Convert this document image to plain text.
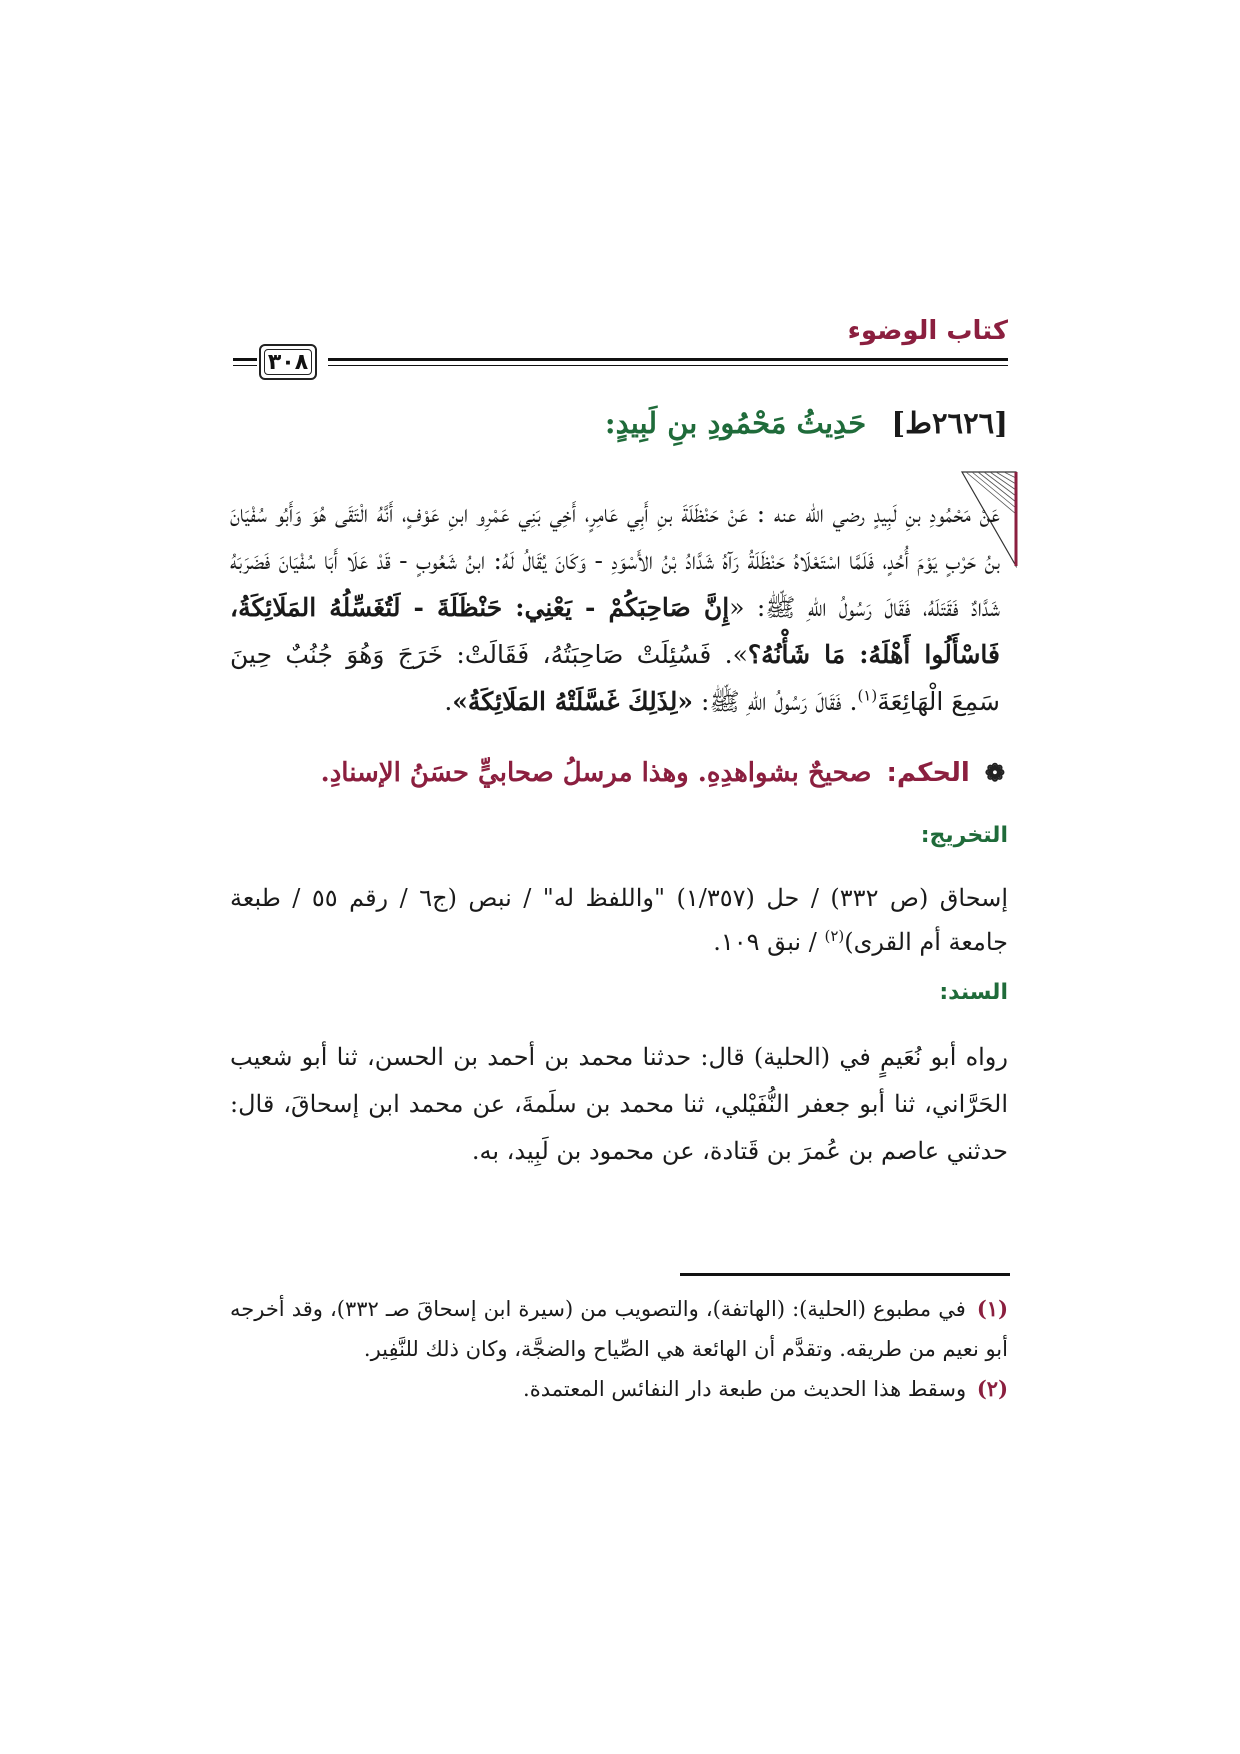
كتاب الوضوء
٣٠٨
[٢٦٢٦ط] حَدِيثُ مَحْمُودِ بنِ لَبِيدٍ:

عَنْ مَحْمُودِ بنِ لَبِيدٍ رضي الله عنه : عَنْ حَنْظَلَةَ بنِ أَبِي عَامِرٍ، أَخِي بَنِي عَمْرِو ابنِ عَوْفٍ، أَنَّهُ الْتَقَى هُوَ وَأَبُو سُفْيَانَ بنُ حَرْبٍ يَوْمَ أُحُدٍ، فَلَمَّا اسْتَعْلَاهُ حَنْظَلَةُ رَآهُ شَدَّادُ بْنُ الأَسْوَدِ - وَكَانَ يُقَالُ لَهُ: ابنُ شَعُوبٍ - قَدْ عَلَا أَبَا سُفْيَانَ فَضَرَبَهُ شَدَّادٌ فَقَتَلَهُ، فَقَالَ رَسُولُ اللهِ ﷺ: «إِنَّ صَاحِبَكُمْ - يَعْنِي: حَنْظَلَةَ - لَتُغَسِّلُهُ المَلَائِكَةُ، فَاسْأَلُوا أَهْلَهُ: مَا شَأْنُهُ؟». فَسُئِلَتْ صَاحِبَتُهُ، فَقَالَتْ: خَرَجَ وَهُوَ جُنُبٌ حِينَ سَمِعَ الْهَائِعَةَ$^{(١)}$. فَقَالَ رَسُولُ اللهِ ﷺ: «لِذَلِكَ غَسَّلَتْهُ المَلَائِكَةُ».

❁ الحكم: صحيحٌ بشواهدِهِ. وهذا مرسلُ صحابيٍّ حسَنُ الإسنادِ.
التخريج:

إسحاق (ص ٣٣٢) / حل (١/٣٥٧) "واللفظ له" / نبص (ج٦ / رقم ٥٥ / طبعة جامعة أم القرى)$^{(٢)}$ / نبق ١٠٩.

السند:

رواه أبو نُعَيمٍ في (الحلية) قال: حدثنا محمد بن أحمد بن الحسن، ثنا أبو شعيب الحَرَّاني، ثنا أبو جعفر النُّفَيْلي، ثنا محمد بن سلَمةَ، عن محمد ابن إسحاقَ، قال: حدثني عاصم بن عُمرَ بن قَتادة، عن محمود بن لَبِيد، به.

(١) في مطبوع (الحلية): (الهاتفة)، والتصويب من (سيرة ابن إسحاقَ صـ ٣٣٢)، وقد أخرجه أبو نعيم من طريقه. وتقدَّم أن الهائعة هي الصِّياح والضجَّة، وكان ذلك للنَّفِير.

(٢) وسقط هذا الحديث من طبعة دار النفائس المعتمدة.
